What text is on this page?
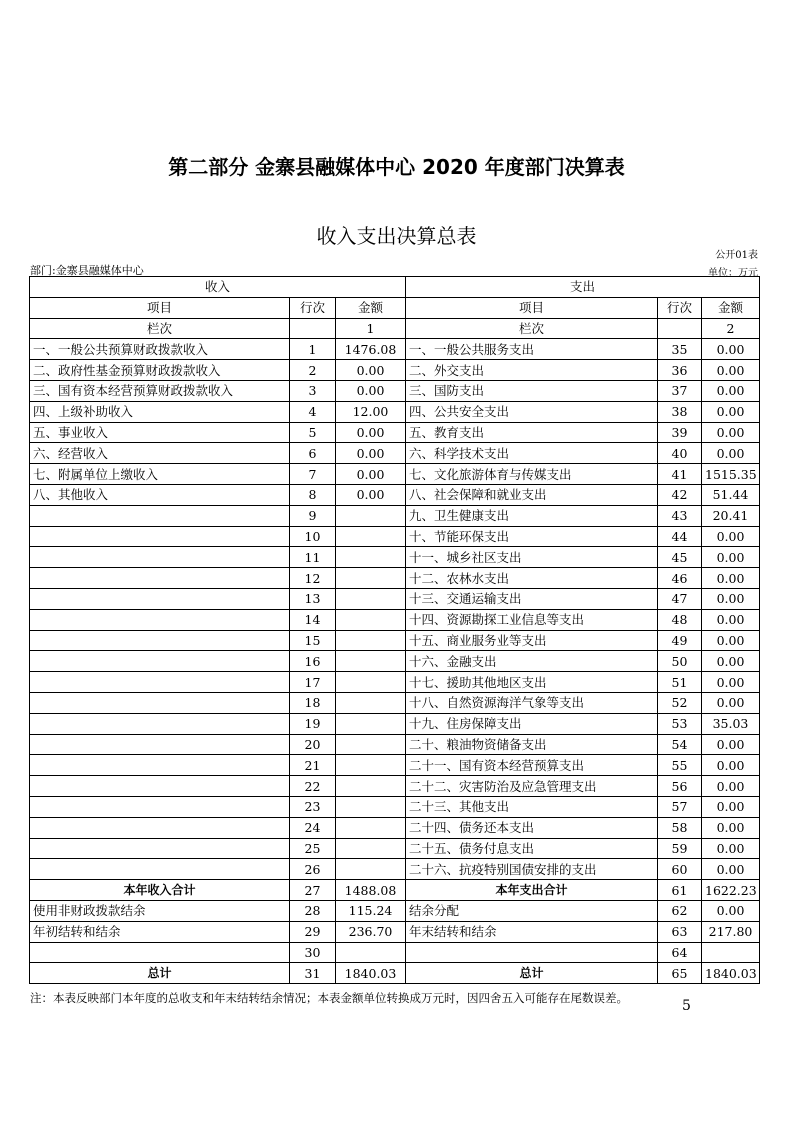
第二部分 金寨县融媒体中心 2020 年度部门决算表
收入支出决算总表
公开01表
部门:金寨县融媒体中心	单位：万元
收入			支出		
项目	行次	金额	项目	行次	金额
栏次		1	栏次		2
一、一般公共预算财政拨款收入	1	1476.08	一、一般公共服务支出	35	0.00
二、政府性基金预算财政拨款收入	2	0.00	二、外交支出	36	0.00
三、国有资本经营预算财政拨款收入	3	0.00	三、国防支出	37	0.00
四、上级补助收入	4	12.00	四、公共安全支出	38	0.00
五、事业收入	5	0.00	五、教育支出	39	0.00
六、经营收入	6	0.00	六、科学技术支出	40	0.00
七、附属单位上缴收入	7	0.00	七、文化旅游体育与传媒支出	41	1515.35
八、其他收入	8	0.00	八、社会保障和就业支出	42	51.44
	9		九、卫生健康支出	43	20.41
	10		十、节能环保支出	44	0.00
	11		十一、城乡社区支出	45	0.00
	12		十二、农林水支出	46	0.00
	13		十三、交通运输支出	47	0.00
	14		十四、资源勘探工业信息等支出	48	0.00
	15		十五、商业服务业等支出	49	0.00
	16		十六、金融支出	50	0.00
	17		十七、援助其他地区支出	51	0.00
	18		十八、自然资源海洋气象等支出	52	0.00
	19		十九、住房保障支出	53	35.03
	20		二十、粮油物资储备支出	54	0.00
	21		二十一、国有资本经营预算支出	55	0.00
	22		二十二、灾害防治及应急管理支出	56	0.00
	23		二十三、其他支出	57	0.00
	24		二十四、债务还本支出	58	0.00
	25		二十五、债务付息支出	59	0.00
	26		二十六、抗疫特别国债安排的支出	60	0.00
本年收入合计	27	1488.08	本年支出合计	61	1622.23
使用非财政拨款结余	28	115.24	结余分配	62	0.00
年初结转和结余	29	236.70	年末结转和结余	63	217.80
	30			64	
总计	31	1840.03	总计	65	1840.03
注：本表反映部门本年度的总收支和年末结转结余情况；本表金额单位转换成万元时，因四舍五入可能存在尾数误差。	5
